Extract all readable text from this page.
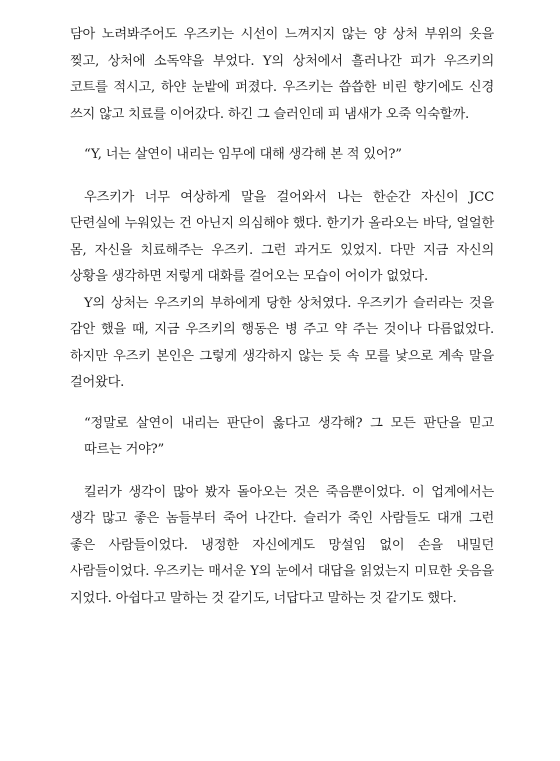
담아 노려봐주어도 우즈키는 시선이 느껴지지 않는 양 상처 부위의 옷을 찢고, 상처에 소독약을 부었다. Y의 상처에서 흘러나간 피가 우즈키의 코트를 적시고, 하얀 눈밭에 퍼졌다. 우즈키는 씁씁한 비린 향기에도 신경 쓰지 않고 치료를 이어갔다. 하긴 그 슬러인데 피 냄새가 오죽 익숙할까.

“Y, 너는 살연이 내리는 임무에 대해 생각해 본 적 있어?”

우즈키가 너무 여상하게 말을 걸어와서 나는 한순간 자신이 JCC 단련실에 누워있는 건 아닌지 의심해야 했다. 한기가 올라오는 바닥, 얼얼한 몸, 자신을 치료해주는 우즈키. 그런 과거도 있었지. 다만 지금 자신의 상황을 생각하면 저렇게 대화를 걸어오는 모습이 어이가 없었다.

Y의 상처는 우즈키의 부하에게 당한 상처였다. 우즈키가 슬러라는 것을 감안 했을 때, 지금 우즈키의 행동은 병 주고 약 주는 것이나 다름없었다. 하지만 우즈키 본인은 그렇게 생각하지 않는 듯 속 모를 낯으로 계속 말을 걸어왔다.

“정말로 살연이 내리는 판단이 옳다고 생각해? 그 모든 판단을 믿고 따르는 거야?”

킬러가 생각이 많아 봤자 돌아오는 것은 죽음뿐이었다. 이 업계에서는 생각 많고 좋은 놈들부터 죽어 나간다. 슬러가 죽인 사람들도 대개 그런 좋은 사람들이었다. 냉정한 자신에게도 망설임 없이 손을 내밀던 사람들이었다. 우즈키는 매서운 Y의 눈에서 대답을 읽었는지 미묘한 웃음을 지었다. 아쉽다고 말하는 것 같기도, 너답다고 말하는 것 같기도 했다.
